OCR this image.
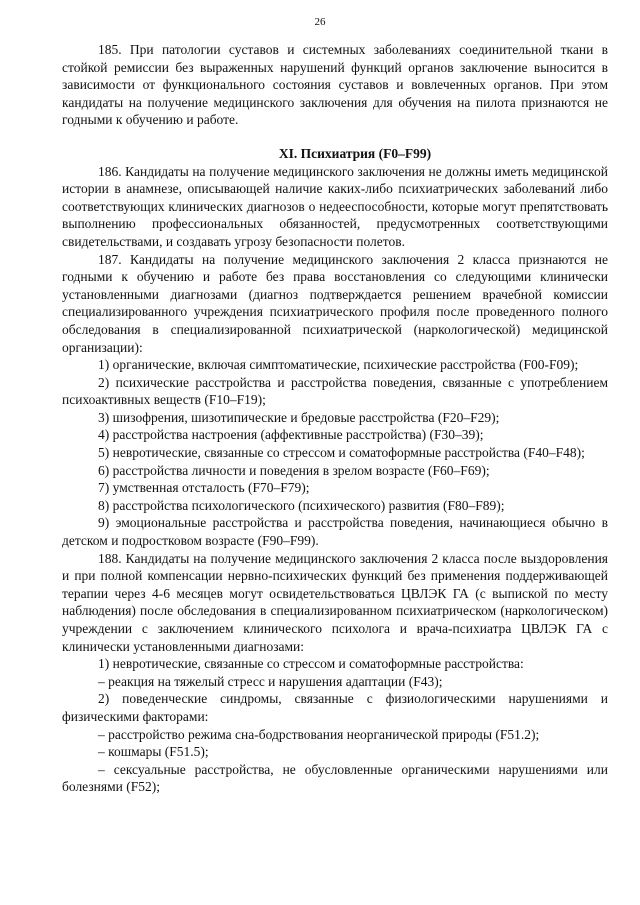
26

185. При патологии суставов и системных заболеваниях соединительной ткани в стойкой ремиссии без выраженных нарушений функций органов заключение выносится в зависимости от функционального состояния суставов и вовлеченных органов. При этом кандидаты на получение медицинского заключения для обучения на пилота признаются не годными к обучению и работе.

XI. Психиатрия (F0–F99)

186. Кандидаты на получение медицинского заключения не должны иметь медицинской истории в анамнезе, описывающей наличие каких-либо психиатрических заболеваний либо соответствующих клинических диагнозов о недееспособности, которые могут препятствовать выполнению профессиональных обязанностей, предусмотренных соответствующими свидетельствами, и создавать угрозу безопасности полетов.

187. Кандидаты на получение медицинского заключения 2 класса признаются не годными к обучению и работе без права восстановления со следующими клинически установленными диагнозами (диагноз подтверждается решением врачебной комиссии специализированного учреждения психиатрического профиля после проведенного полного обследования в специализированной психиатрической (наркологической) медицинской организации):

1) органические, включая симптоматические, психические расстройства (F00-F09);

2) психические расстройства и расстройства поведения, связанные с употреблением психоактивных веществ (F10–F19);

3) шизофрения, шизотипические и бредовые расстройства (F20–F29);

4) расстройства настроения (аффективные расстройства) (F30–39);

5) невротические, связанные со стрессом и соматоформные расстройства (F40–F48);

6) расстройства личности и поведения в зрелом возрасте (F60–F69);

7) умственная отсталость (F70–F79);

8) расстройства психологического (психического) развития (F80–F89);

9) эмоциональные расстройства и расстройства поведения, начинающиеся обычно в детском и подростковом возрасте (F90–F99).

188. Кандидаты на получение медицинского заключения 2 класса после выздоровления и при полной компенсации нервно-психических функций без применения поддерживающей терапии через 4-6 месяцев могут освидетельствоваться ЦВЛЭК ГА (с выпиской по месту наблюдения) после обследования в специализированном психиатрическом (наркологическом) учреждении с заключением клинического психолога и врача-психиатра ЦВЛЭК ГА с клинически установленными диагнозами:

1) невротические, связанные со стрессом и соматоформные расстройства:

– реакция на тяжелый стресс и нарушения адаптации (F43);

2) поведенческие синдромы, связанные с физиологическими нарушениями и физическими факторами:

– расстройство режима сна-бодрствования неорганической природы (F51.2);

– кошмары (F51.5);

– сексуальные расстройства, не обусловленные органическими нарушениями или болезнями (F52);
